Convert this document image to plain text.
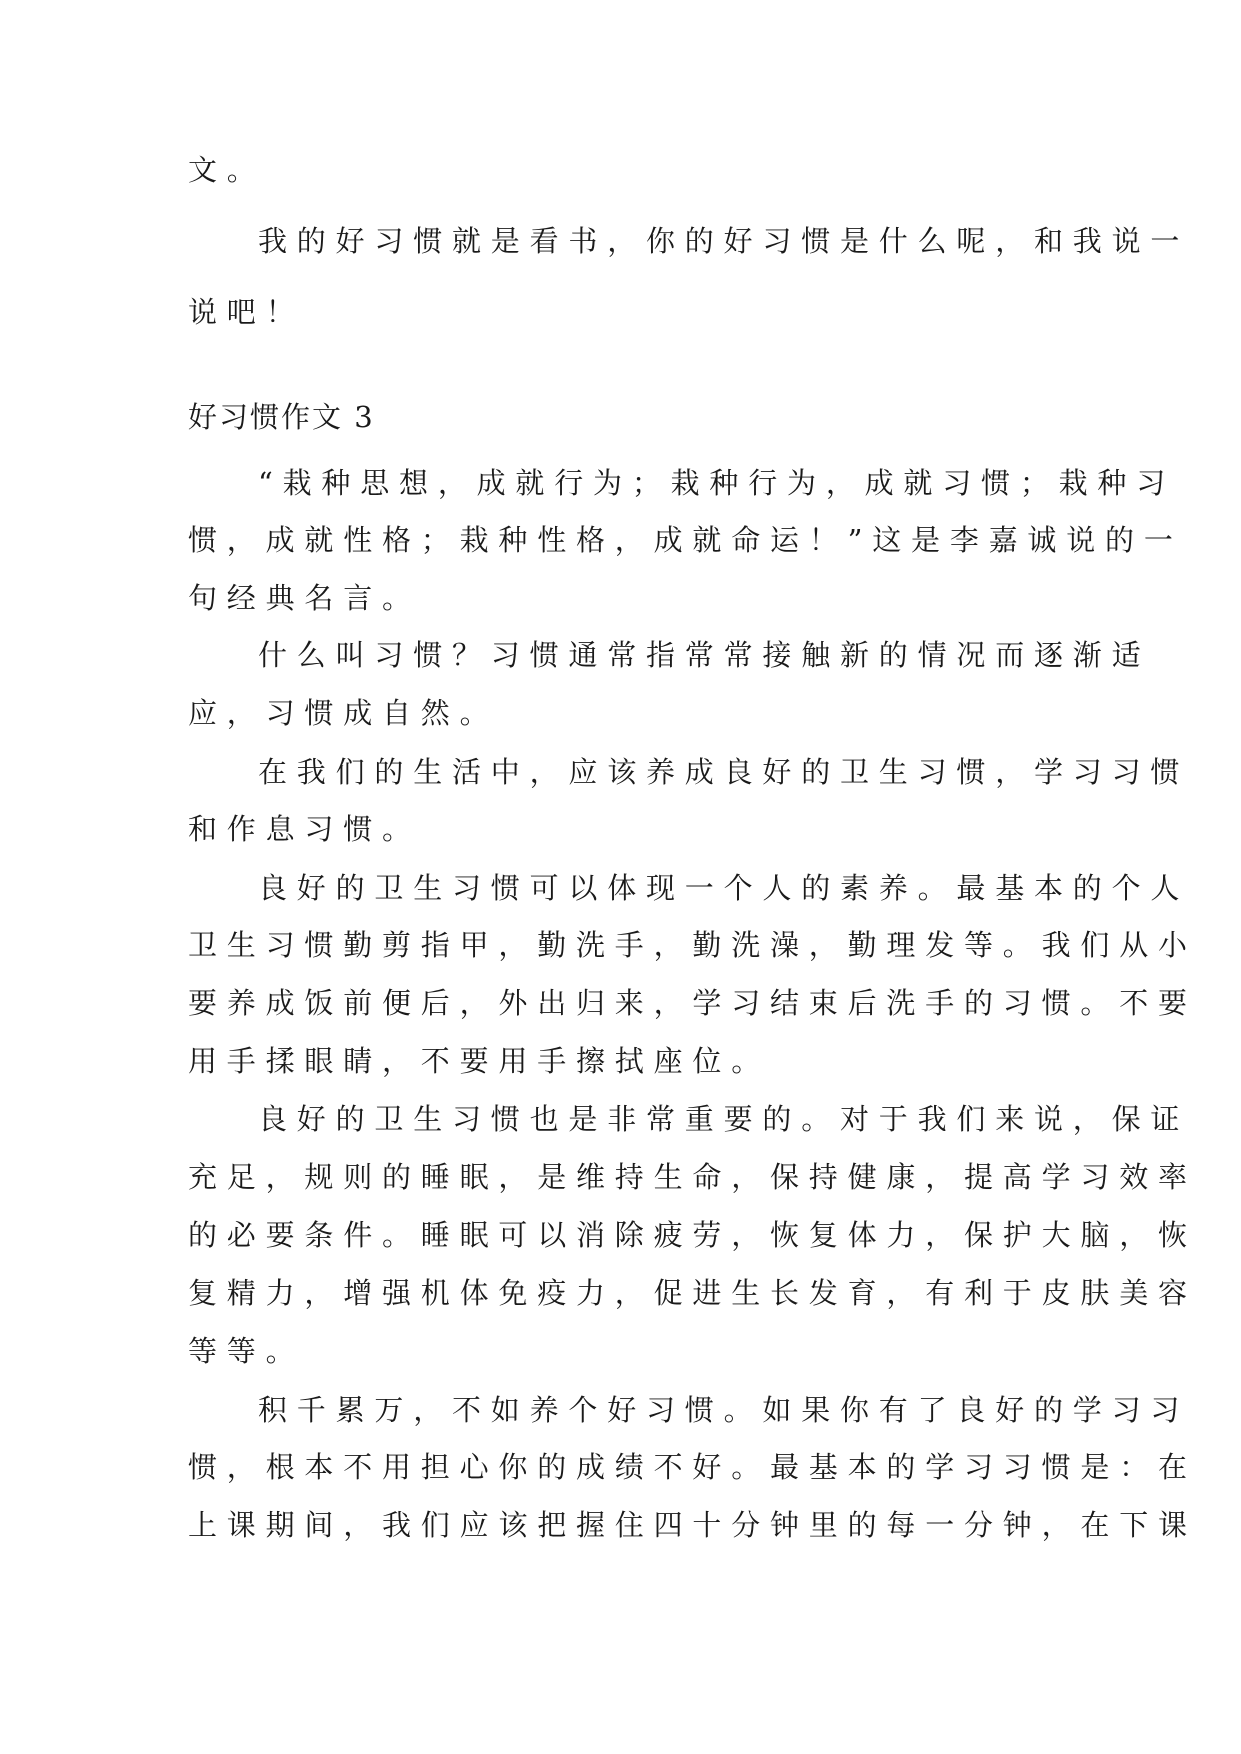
文。
我的好习惯就是看书，你的好习惯是什么呢，和我说一
说吧！
好习惯作文 3
“栽种思想，成就行为；栽种行为，成就习惯；栽种习
惯，成就性格；栽种性格，成就命运！”这是李嘉诚说的一
句经典名言。
什么叫习惯？习惯通常指常常接触新的情况而逐渐适
应，习惯成自然。
在我们的生活中，应该养成良好的卫生习惯，学习习惯
和作息习惯。
良好的卫生习惯可以体现一个人的素养。最基本的个人
卫生习惯勤剪指甲，勤洗手，勤洗澡，勤理发等。我们从小
要养成饭前便后，外出归来，学习结束后洗手的习惯。不要
用手揉眼睛，不要用手擦拭座位。
良好的卫生习惯也是非常重要的。对于我们来说，保证
充足，规则的睡眠，是维持生命，保持健康，提高学习效率
的必要条件。睡眠可以消除疲劳，恢复体力，保护大脑，恢
复精力，增强机体免疫力，促进生长发育，有利于皮肤美容
等等。
积千累万，不如养个好习惯。如果你有了良好的学习习
惯，根本不用担心你的成绩不好。最基本的学习习惯是：在
上课期间，我们应该把握住四十分钟里的每一分钟，在下课
